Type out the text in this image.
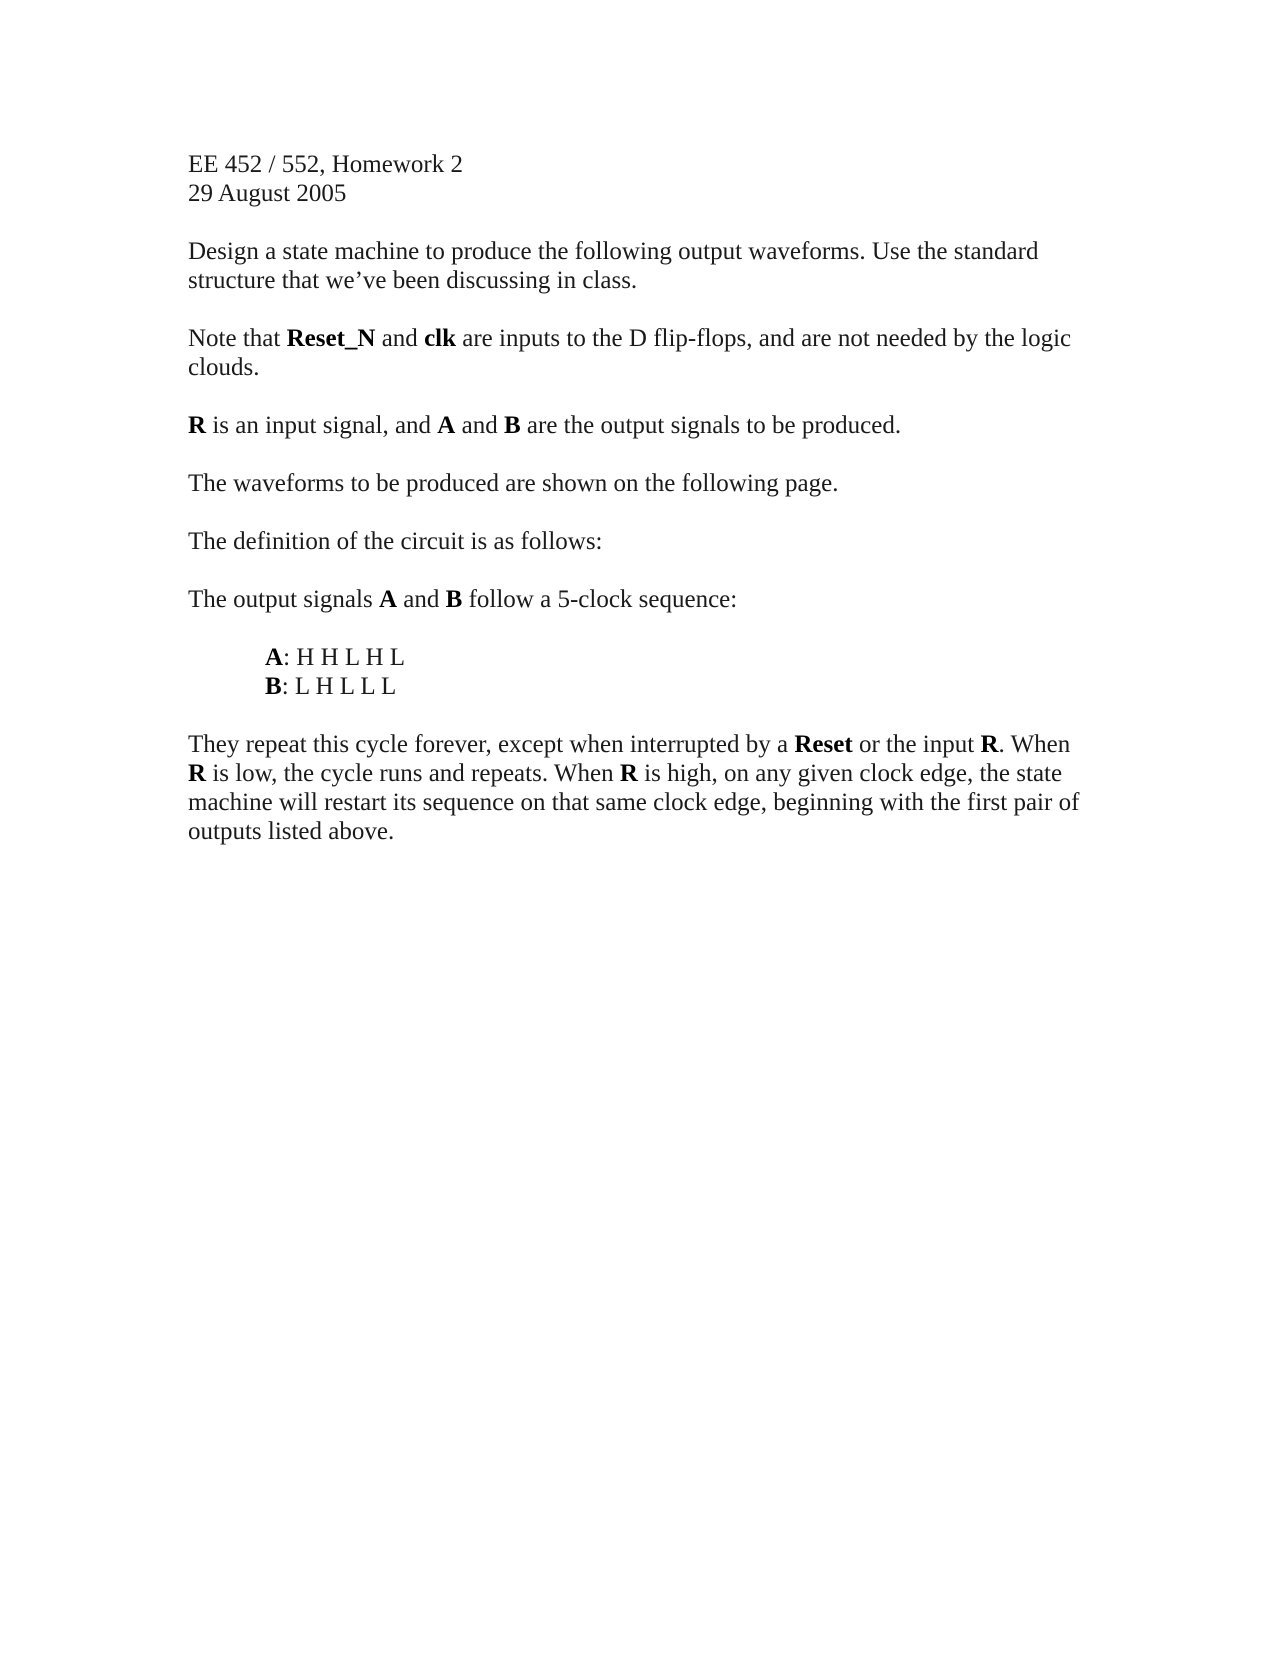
EE 452 / 552, Homework 2
29 August 2005
Design a state machine to produce the following output waveforms. Use the standard
structure that we’ve been discussing in class.
Note that Reset_N and clk are inputs to the D flip-flops, and are not needed by the logic
clouds.
R is an input signal, and A and B are the output signals to be produced.
The waveforms to be produced are shown on the following page.
The definition of the circuit is as follows:
The output signals A and B follow a 5-clock sequence:
A: H H L H L
B: L H L L L
They repeat this cycle forever, except when interrupted by a Reset or the input R. When
R is low, the cycle runs and repeats. When R is high, on any given clock edge, the state
machine will restart its sequence on that same clock edge, beginning with the first pair of
outputs listed above.
